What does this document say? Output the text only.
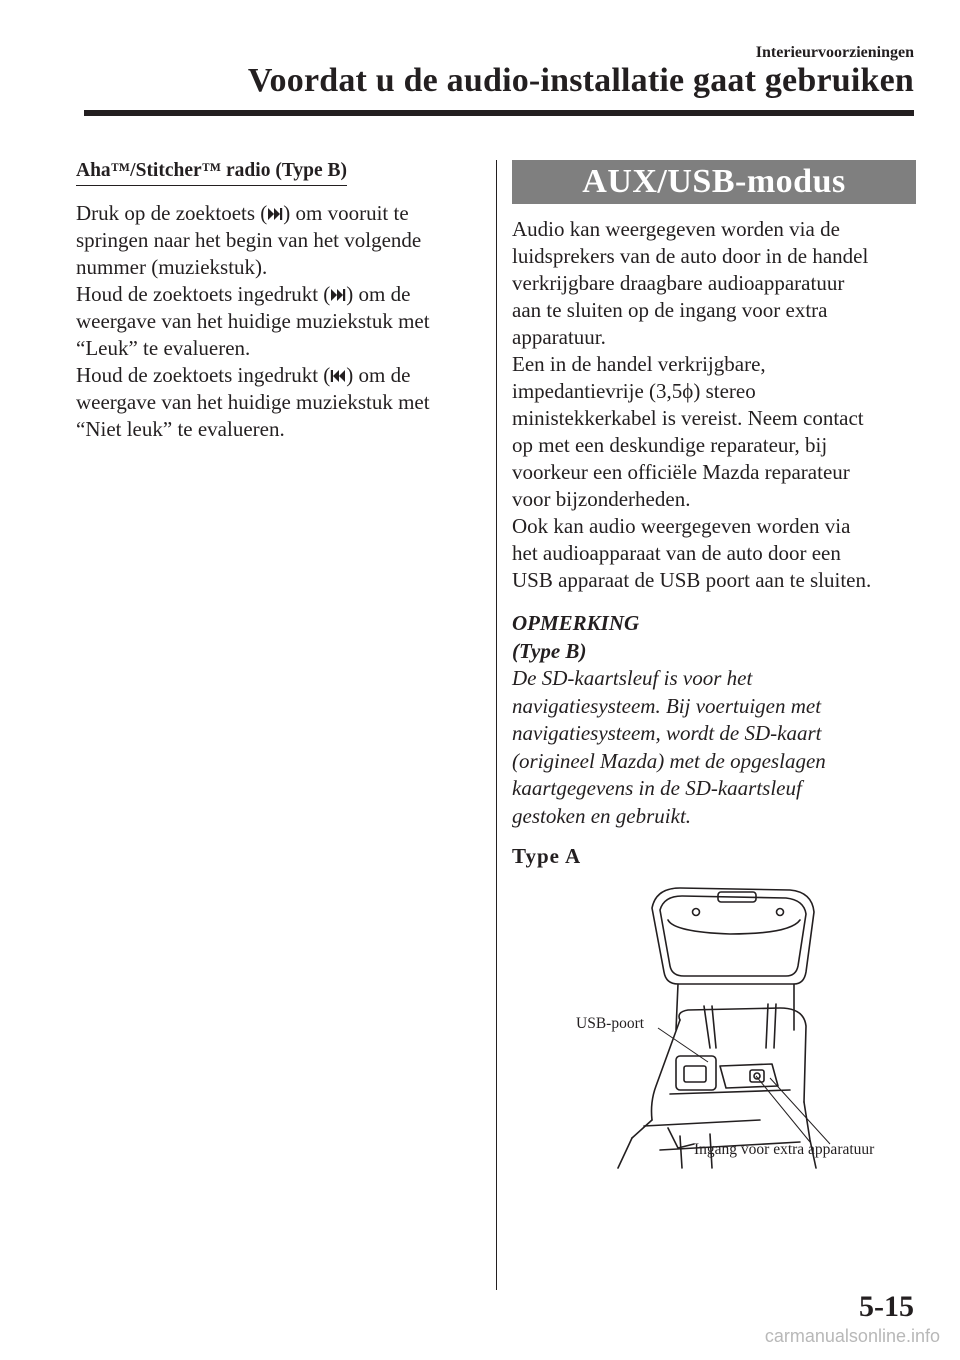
Interieurvoorzieningen
Voordat u de audio-installatie gaat gebruiken
Aha™/Stitcher™ radio (Type B)
Druk op de zoektoets ( ) om vooruit te
springen naar het begin van het volgende
nummer (muziekstuk).
Houd de zoektoets ingedrukt ( ) om de
weergave van het huidige muziekstuk met
“Leuk” te evalueren.
Houd de zoektoets ingedrukt ( ) om de
weergave van het huidige muziekstuk met
“Niet leuk” te evalueren.
AUX/USB-modus
Audio kan weergegeven worden via de
luidsprekers van de auto door in de handel
verkrijgbare draagbare audioapparatuur
aan te sluiten op de ingang voor extra
apparatuur.
Een in de handel verkrijgbare,
impedantievrije (3,5ϕ) stereo
ministekkerkabel is vereist. Neem contact
op met een deskundige reparateur, bij
voorkeur een officiële Mazda reparateur
voor bijzonderheden.
Ook kan audio weergegeven worden via
het audioapparaat van de auto door een
USB apparaat de USB poort aan te sluiten.
OPMERKING
(Type B)
De SD-kaartsleuf is voor het
navigatiesysteem. Bij voertuigen met
navigatiesysteem, wordt de SD-kaart
(origineel Mazda) met de opgeslagen
kaartgegevens in de SD-kaartsleuf
gestoken en gebruikt.
Type A
USB-poort
Ingang voor extra apparatuur
5-15
carmanualsonline.info
